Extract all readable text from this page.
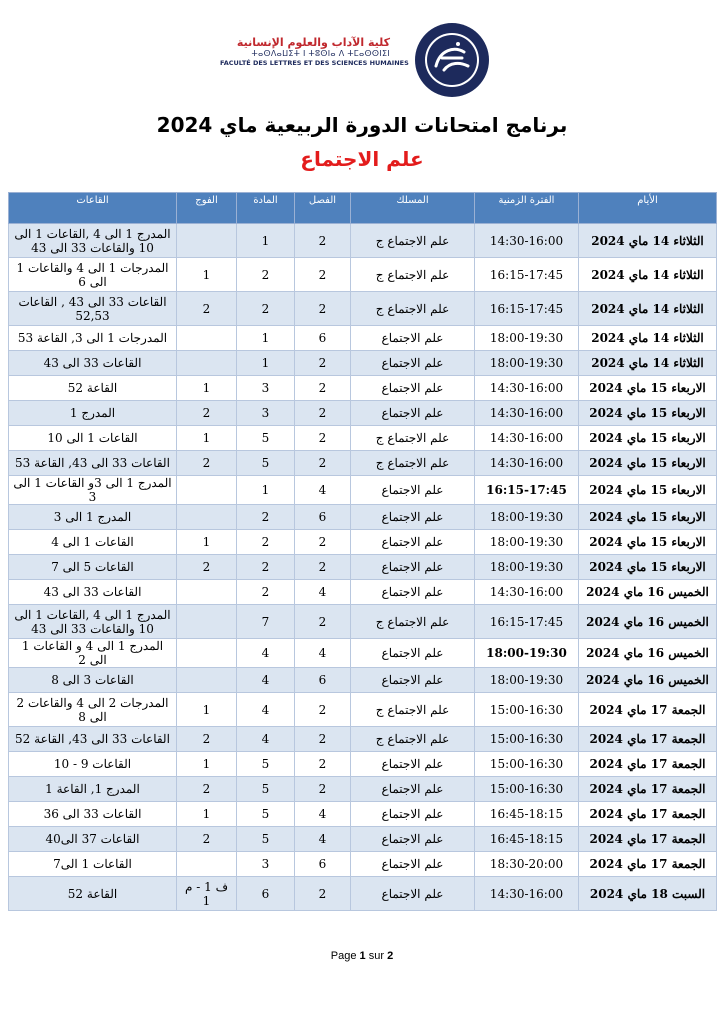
كلية الآداب والعلوم الإنسانية
ⵜⴰⵙⴷⴰⵡⵉⵜ ⵏ ⵜⵓⵙⵏⴰ ⴷ ⵜⵎⴰⵙⵙⵏⵉⵏ
FACULTÉ DES LETTRES ET DES SCIENCES HUMAINES
برنامج امتحانات الدورة الربيعية ماي 2024
علم الاجتماع
الأيام	الفترة الزمنية	المسلك	الفصل	المادة	الفوج	القاعات
الثلاثاء 14 ماي 2024	14:30-16:00	علم الاجتماع ج	2	1		المدرج 1 الى 4 ,القاعات 1 الى 10 والقاعات 33 الى 43
الثلاثاء 14 ماي 2024	16:15-17:45	علم الاجتماع ج	2	2	1	المدرجات 1 الى 4 والقاعات 1 الى 6
الثلاثاء 14 ماي 2024	16:15-17:45	علم الاجتماع ج	2	2	2	القاعات 33 الى 43 , القاعات 52,53
الثلاثاء 14 ماي 2024	18:00-19:30	علم الاجتماع	6	1		المدرجات 1 الى 3, القاعة 53
الثلاثاء 14 ماي 2024	18:00-19:30	علم الاجتماع	2	1		القاعات 33 الى 43
الاربعاء 15 ماي 2024	14:30-16:00	علم الاجتماع	2	3	1	القاعة 52
الاربعاء 15 ماي 2024	14:30-16:00	علم الاجتماع	2	3	2	المدرج 1
الاربعاء 15 ماي 2024	14:30-16:00	علم الاجتماع ج	2	5	1	القاعات 1 الى 10
الاربعاء 15 ماي 2024	14:30-16:00	علم الاجتماع ج	2	5	2	القاعات 33 الى 43, القاعة 53
الاربعاء 15 ماي 2024	16:15-17:45	علم الاجتماع	4	1		المدرج 1 الى 3و القاعات 1 الى 3
الاربعاء 15 ماي 2024	18:00-19:30	علم الاجتماع	6	2		المدرج 1 الى 3
الاربعاء 15 ماي 2024	18:00-19:30	علم الاجتماع	2	2	1	القاعات 1 الى 4
الاربعاء 15 ماي 2024	18:00-19:30	علم الاجتماع	2	2	2	القاعات 5 الى 7
الخميس 16 ماي 2024	14:30-16:00	علم الاجتماع	4	2		القاعات 33 الى 43
الخميس 16 ماي 2024	16:15-17:45	علم الاجتماع ج	2	7		المدرج 1 الى 4 ,القاعات 1 الى 10 والقاعات 33 الى 43
الخميس 16 ماي 2024	18:00-19:30	علم الاجتماع	4	4		المدرج 1 الى 4 و القاعات 1 الى 2
الخميس 16 ماي 2024	18:00-19:30	علم الاجتماع	6	4		القاعات 3 الى 8
الجمعة 17 ماي 2024	15:00-16:30	علم الاجتماع ج	2	4	1	المدرجات 2 الى 4 والقاعات 2 الى 8
الجمعة 17 ماي 2024	15:00-16:30	علم الاجتماع ج	2	4	2	القاعات 33 الى 43, القاعة 52
الجمعة 17 ماي 2024	15:00-16:30	علم الاجتماع	2	5	1	القاعات 9 - 10
الجمعة 17 ماي 2024	15:00-16:30	علم الاجتماع	2	5	2	المدرج 1, القاعة 1
الجمعة 17 ماي 2024	16:45-18:15	علم الاجتماع	4	5	1	القاعات 33 الى 36
الجمعة 17 ماي 2024	16:45-18:15	علم الاجتماع	4	5	2	القاعات 37 الى40
الجمعة 17 ماي 2024	18:30-20:00	علم الاجتماع	6	3		القاعات 1 الى7
السبت 18 ماي 2024	14:30-16:00	علم الاجتماع	2	6	ف 1 - م 1	القاعة 52
Page 1 sur 2
